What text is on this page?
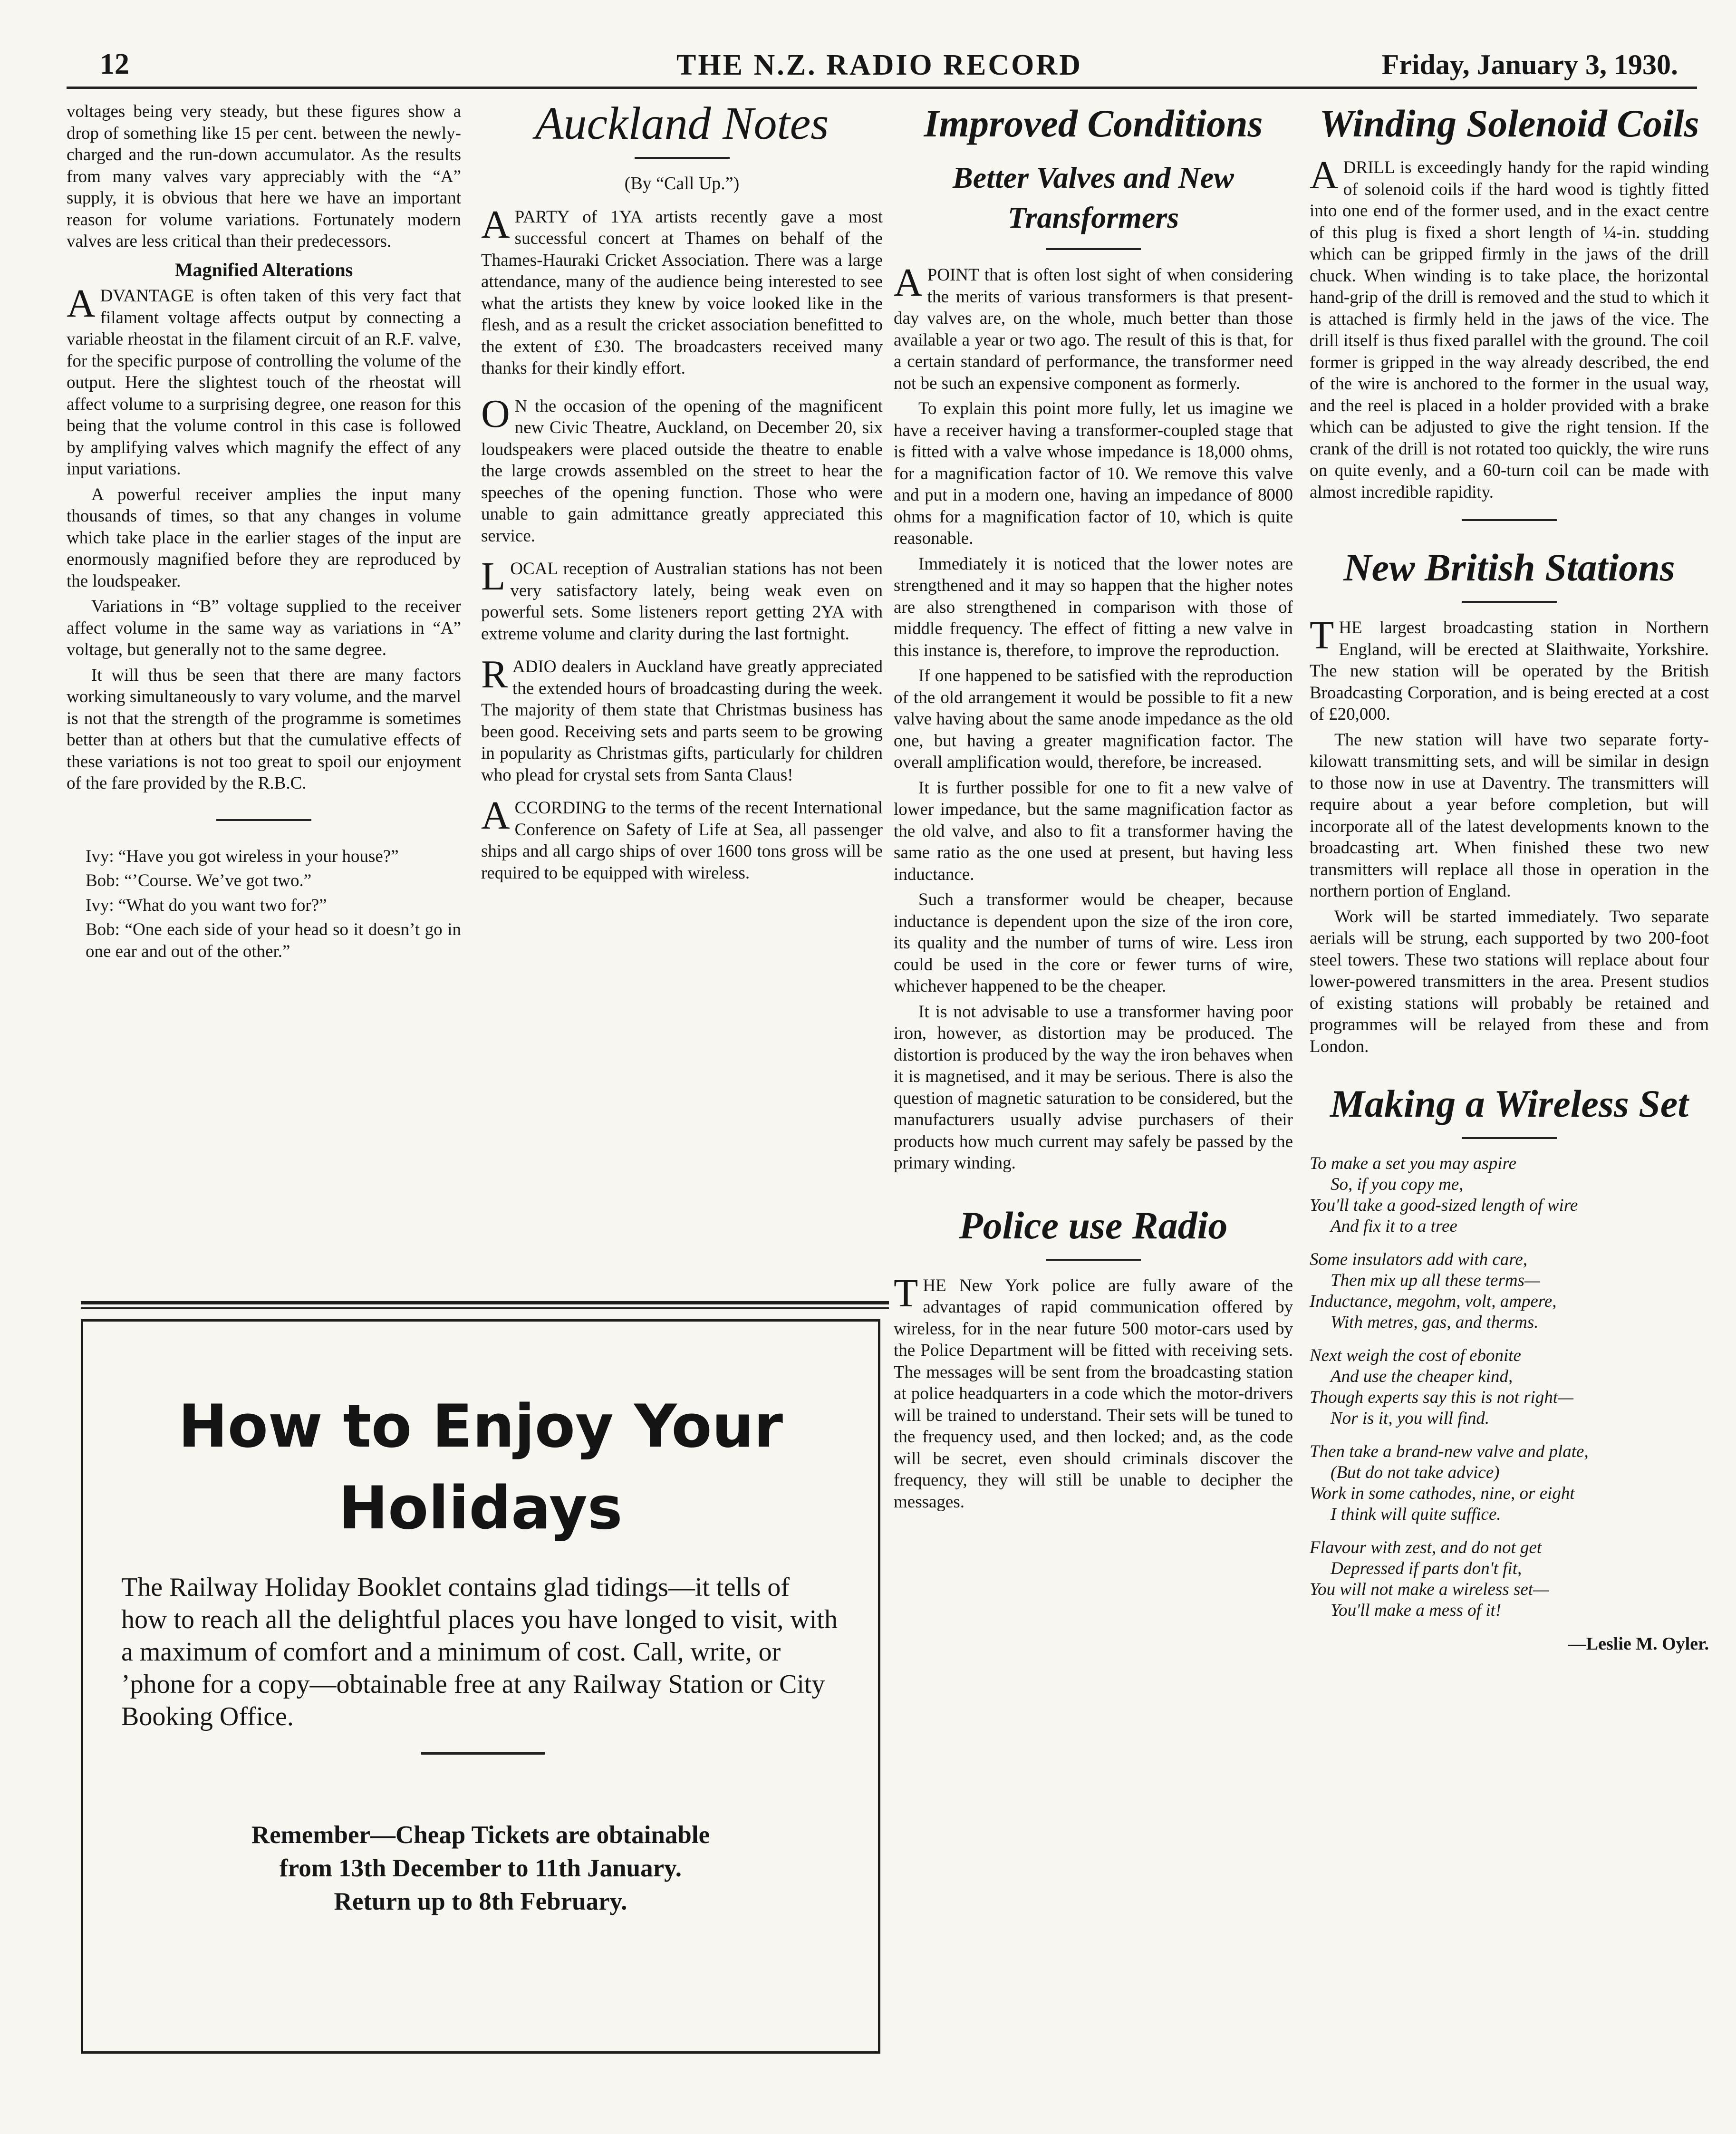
12	THE N.Z. RADIO RECORD	Friday, January 3, 1930.

voltages being very steady, but these figures show a drop of something like 15 per cent. between the newly-charged and the run-down accumulator. As the results from many valves vary appreciably with the “A” supply, it is obvious that here we have an important reason for volume variations. Fortunately modern valves are less critical than their predecessors.

Magnified Alterations

ADVANTAGE is often taken of this very fact that filament voltage affects output by connecting a variable rheostat in the filament circuit of an R.F. valve, for the specific purpose of controlling the volume of the output. Here the slightest touch of the rheostat will affect volume to a surprising degree, one reason for this being that the volume control in this case is followed by amplifying valves which magnify the effect of any input variations.

A powerful receiver amplies the input many thousands of times, so that any changes in volume which take place in the earlier stages of the input are enormously magnified before they are reproduced by the loudspeaker.

Variations in “B” voltage supplied to the receiver affect volume in the same way as variations in “A” voltage, but generally not to the same degree.

It will thus be seen that there are many factors working simultaneously to vary volume, and the marvel is not that the strength of the programme is sometimes better than at others but that the cumulative effects of these variations is not too great to spoil our enjoyment of the fare provided by the R.B.C.

Ivy: “Have you got wireless in your house?”

Bob: “’Course. We’ve got two.”

Ivy: “What do you want two for?”

Bob: “One each side of your head so it doesn’t go in one ear and out of the other.”

Auckland Notes
(By “Call Up.”)

APARTY of 1YA artists recently gave a most successful concert at Thames on behalf of the Thames-Hauraki Cricket Association. There was a large attendance, many of the audience being interested to see what the artists they knew by voice looked like in the flesh, and as a result the cricket association benefitted to the extent of £30. The broadcasters received many thanks for their kindly effort.

O N the occasion of the opening of the magnificent new Civic Theatre, Auckland, on December 20, six loudspeakers were placed outside the theatre to enable the large crowds assembled on the street to hear the speeches of the opening function. Those who were unable to gain admittance greatly appreciated this service.

LOCAL reception of Australian stations has not been very satisfactory lately, being weak even on powerful sets. Some listeners report getting 2YA with extreme volume and clarity during the last fortnight.

RADIO dealers in Auckland have greatly appreciated the extended hours of broadcasting during the week. The majority of them state that Christmas business has been good. Receiving sets and parts seem to be growing in popularity as Christmas gifts, particularly for children who plead for crystal sets from Santa Claus!

ACCORDING to the terms of the recent International Conference on Safety of Life at Sea, all passenger ships and all cargo ships of over 1600 tons gross will be required to be equipped with wireless.

How to Enjoy Your
Holidays
The Railway Holiday Booklet contains glad tidings—it tells of how to reach all the delightful places you have longed to visit, with a maximum of comfort and a minimum of cost. Call, write, or ’phone for a copy—obtainable free at any Railway Station or City Booking Office.
Remember—Cheap Tickets are obtainable
from 13th December to 11th January.
Return up to 8th February.
Improved Conditions
Better Valves and New Transformers

APOINT that is often lost sight of when considering the merits of various transformers is that present-day valves are, on the whole, much better than those available a year or two ago. The result of this is that, for a certain standard of performance, the transformer need not be such an expensive component as formerly.

To explain this point more fully, let us imagine we have a receiver having a transformer-coupled stage that is fitted with a valve whose impedance is 18,000 ohms, for a magnification factor of 10. We remove this valve and put in a modern one, having an impedance of 8000 ohms for a magnification factor of 10, which is quite reasonable.

Immediately it is noticed that the lower notes are strengthened and it may so happen that the higher notes are also strengthened in comparison with those of middle frequency. The effect of fitting a new valve in this instance is, therefore, to improve the reproduction.

If one happened to be satisfied with the reproduction of the old arrangement it would be possible to fit a new valve having about the same anode impedance as the old one, but having a greater magnification factor. The overall amplification would, therefore, be increased.

It is further possible for one to fit a new valve of lower impedance, but the same magnification factor as the old valve, and also to fit a transformer having the same ratio as the one used at present, but having less inductance.

Such a transformer would be cheaper, because inductance is dependent upon the size of the iron core, its quality and the number of turns of wire. Less iron could be used in the core or fewer turns of wire, whichever happened to be the cheaper.

It is not advisable to use a transformer having poor iron, however, as distortion may be produced. The distortion is produced by the way the iron behaves when it is magnetised, and it may be serious. There is also the question of magnetic saturation to be considered, but the manufacturers usually advise purchasers of their products how much current may safely be passed by the primary winding.

Police use Radio

THE New York police are fully aware of the advantages of rapid communication offered by wireless, for in the near future 500 motor-cars used by the Police Department will be fitted with receiving sets. The messages will be sent from the broadcasting station at police headquarters in a code which the motor-drivers will be trained to understand. Their sets will be tuned to the frequency used, and then locked; and, as the code will be secret, even should criminals discover the frequency, they will still be unable to decipher the messages.

Winding Solenoid Coils

ADRILL is exceedingly handy for the rapid winding of solenoid coils if the hard wood is tightly fitted into one end of the former used, and in the exact centre of this plug is fixed a short length of ¼-in. studding which can be gripped firmly in the jaws of the drill chuck. When winding is to take place, the horizontal hand-grip of the drill is removed and the stud to which it is attached is firmly held in the jaws of the vice. The drill itself is thus fixed parallel with the ground. The coil former is gripped in the way already described, the end of the wire is anchored to the former in the usual way, and the reel is placed in a holder provided with a brake which can be adjusted to give the right tension. If the crank of the drill is not rotated too quickly, the wire runs on quite evenly, and a 60-turn coil can be made with almost incredible rapidity.

New British Stations

THE largest broadcasting station in Northern England, will be erected at Slaithwaite, Yorkshire. The new station will be operated by the British Broadcasting Corporation, and is being erected at a cost of £20,000.

The new station will have two separate forty-kilowatt transmitting sets, and will be similar in design to those now in use at Daventry. The transmitters will require about a year before completion, but will incorporate all of the latest developments known to the broadcasting art. When finished these two new transmitters will replace all those in operation in the northern portion of England.

Work will be started immediately. Two separate aerials will be strung, each supported by two 200-foot steel towers. These two stations will replace about four lower-powered transmitters in the area. Present studios of existing stations will probably be retained and programmes will be relayed from these and from London.

Making a Wireless Set
To make a set you may aspire
So, if you copy me,
You'll take a good-sized length of wire
And fix it to a tree
Some insulators add with care,
Then mix up all these terms—
Inductance, megohm, volt, ampere,
With metres, gas, and therms.
Next weigh the cost of ebonite
And use the cheaper kind,
Though experts say this is not right—
Nor is it, you will find.
Then take a brand-new valve and plate,
(But do not take advice)
Work in some cathodes, nine, or eight
I think will quite suffice.
Flavour with zest, and do not get
Depressed if parts don't fit,
You will not make a wireless set—
You'll make a mess of it!
—Leslie M. Oyler.
